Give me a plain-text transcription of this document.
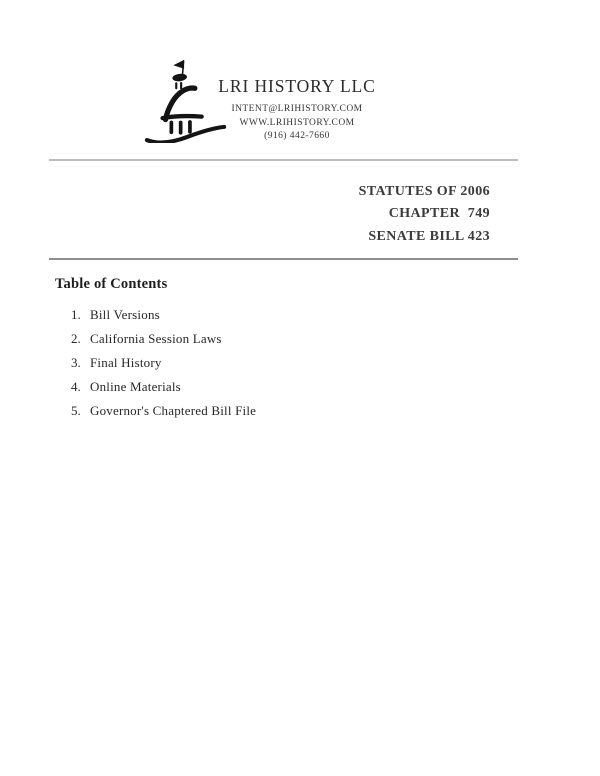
LRI HISTORY LLC
INTENT@LRIHISTORY.COM
WWW.LRIHISTORY.COM
(916) 442-7660
STATUTES OF 2006
CHAPTER  749
SENATE BILL 423
Table of Contents
1. Bill Versions
2. California Session Laws
3. Final History
4. Online Materials
5. Governor's Chaptered Bill File
